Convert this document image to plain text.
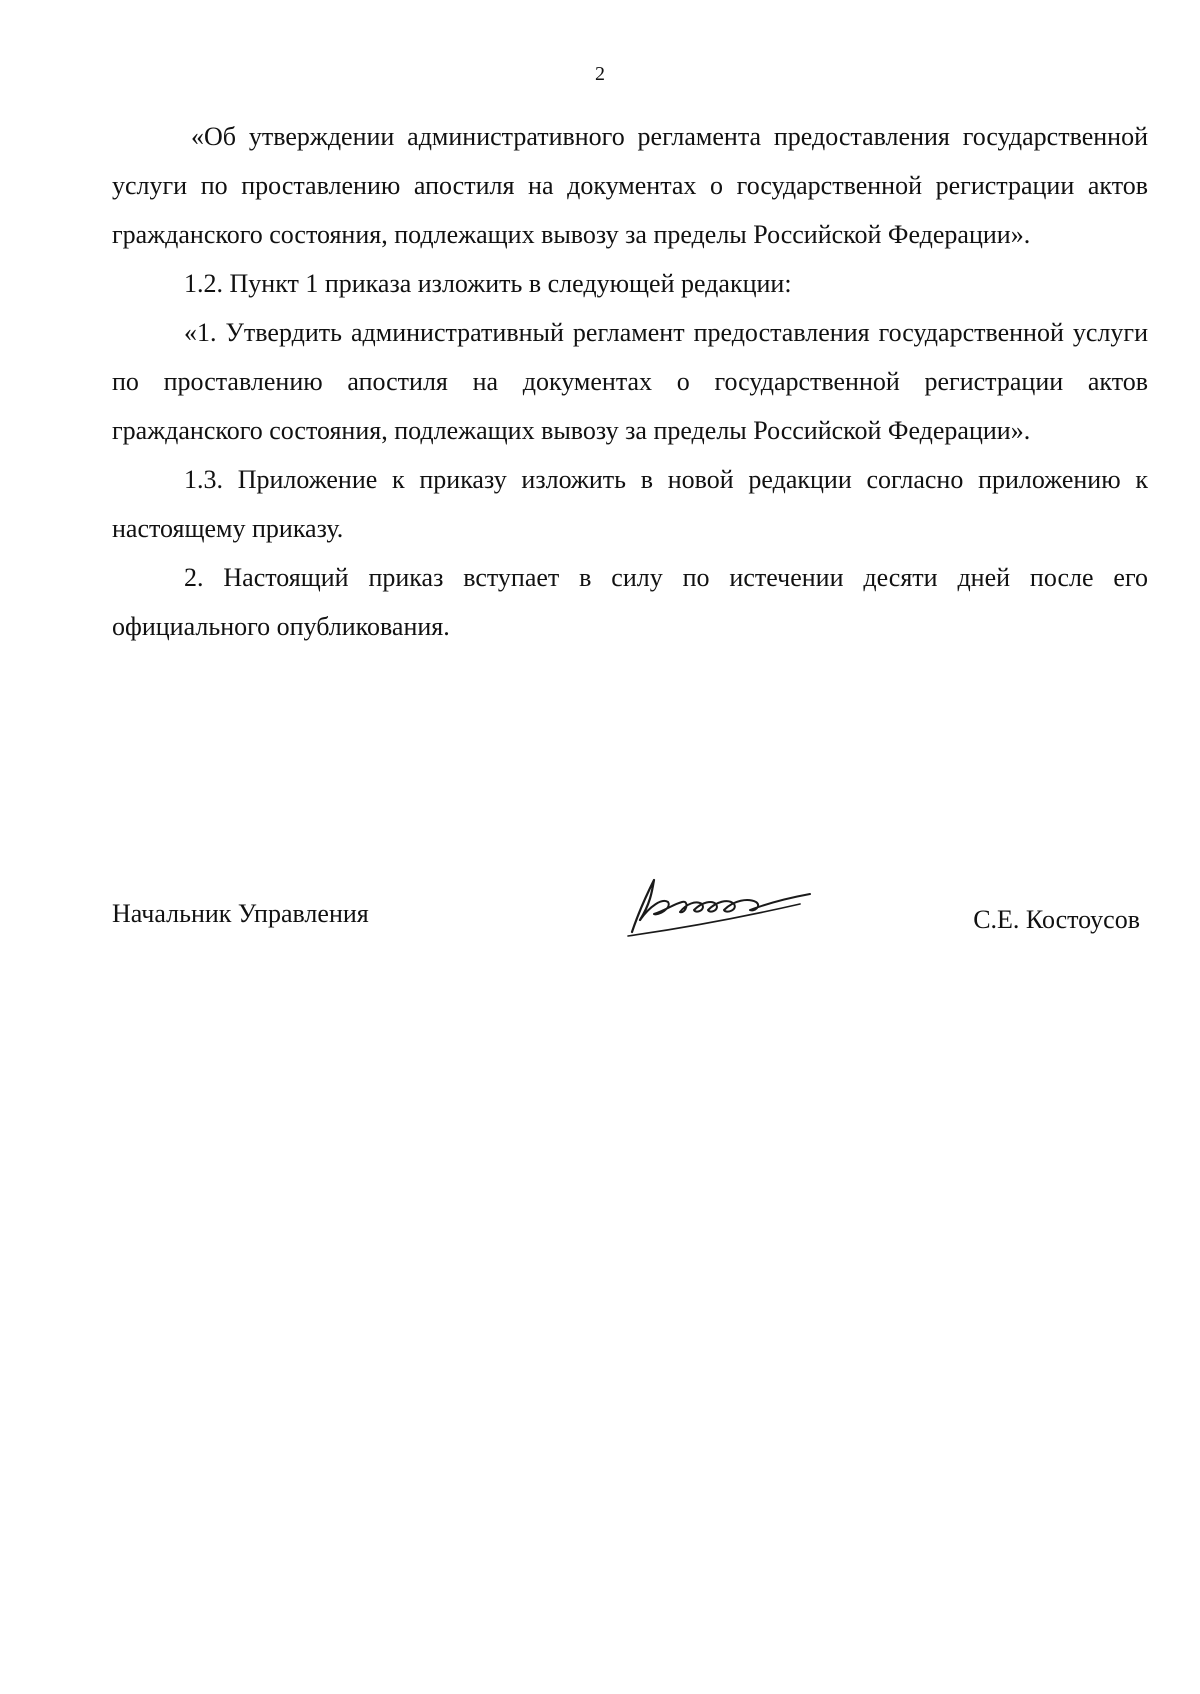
2

«Об утверждении административного регламента предоставления государственной услуги по проставлению апостиля на документах о государственной регистрации актов гражданского состояния, подлежащих вывозу за пределы Российской Федерации».

1.2. Пункт 1 приказа изложить в следующей редакции:

«1. Утвердить административный регламент предоставления государственной услуги по проставлению апостиля на документах о государственной регистрации актов гражданского состояния, подлежащих вывозу за пределы Российской Федерации».

1.3. Приложение к приказу изложить в новой редакции согласно приложению к настоящему приказу.

2. Настоящий приказ вступает в силу по истечении десяти дней после его официального опубликования.

Начальник Управления	С.Е. Костоусов
